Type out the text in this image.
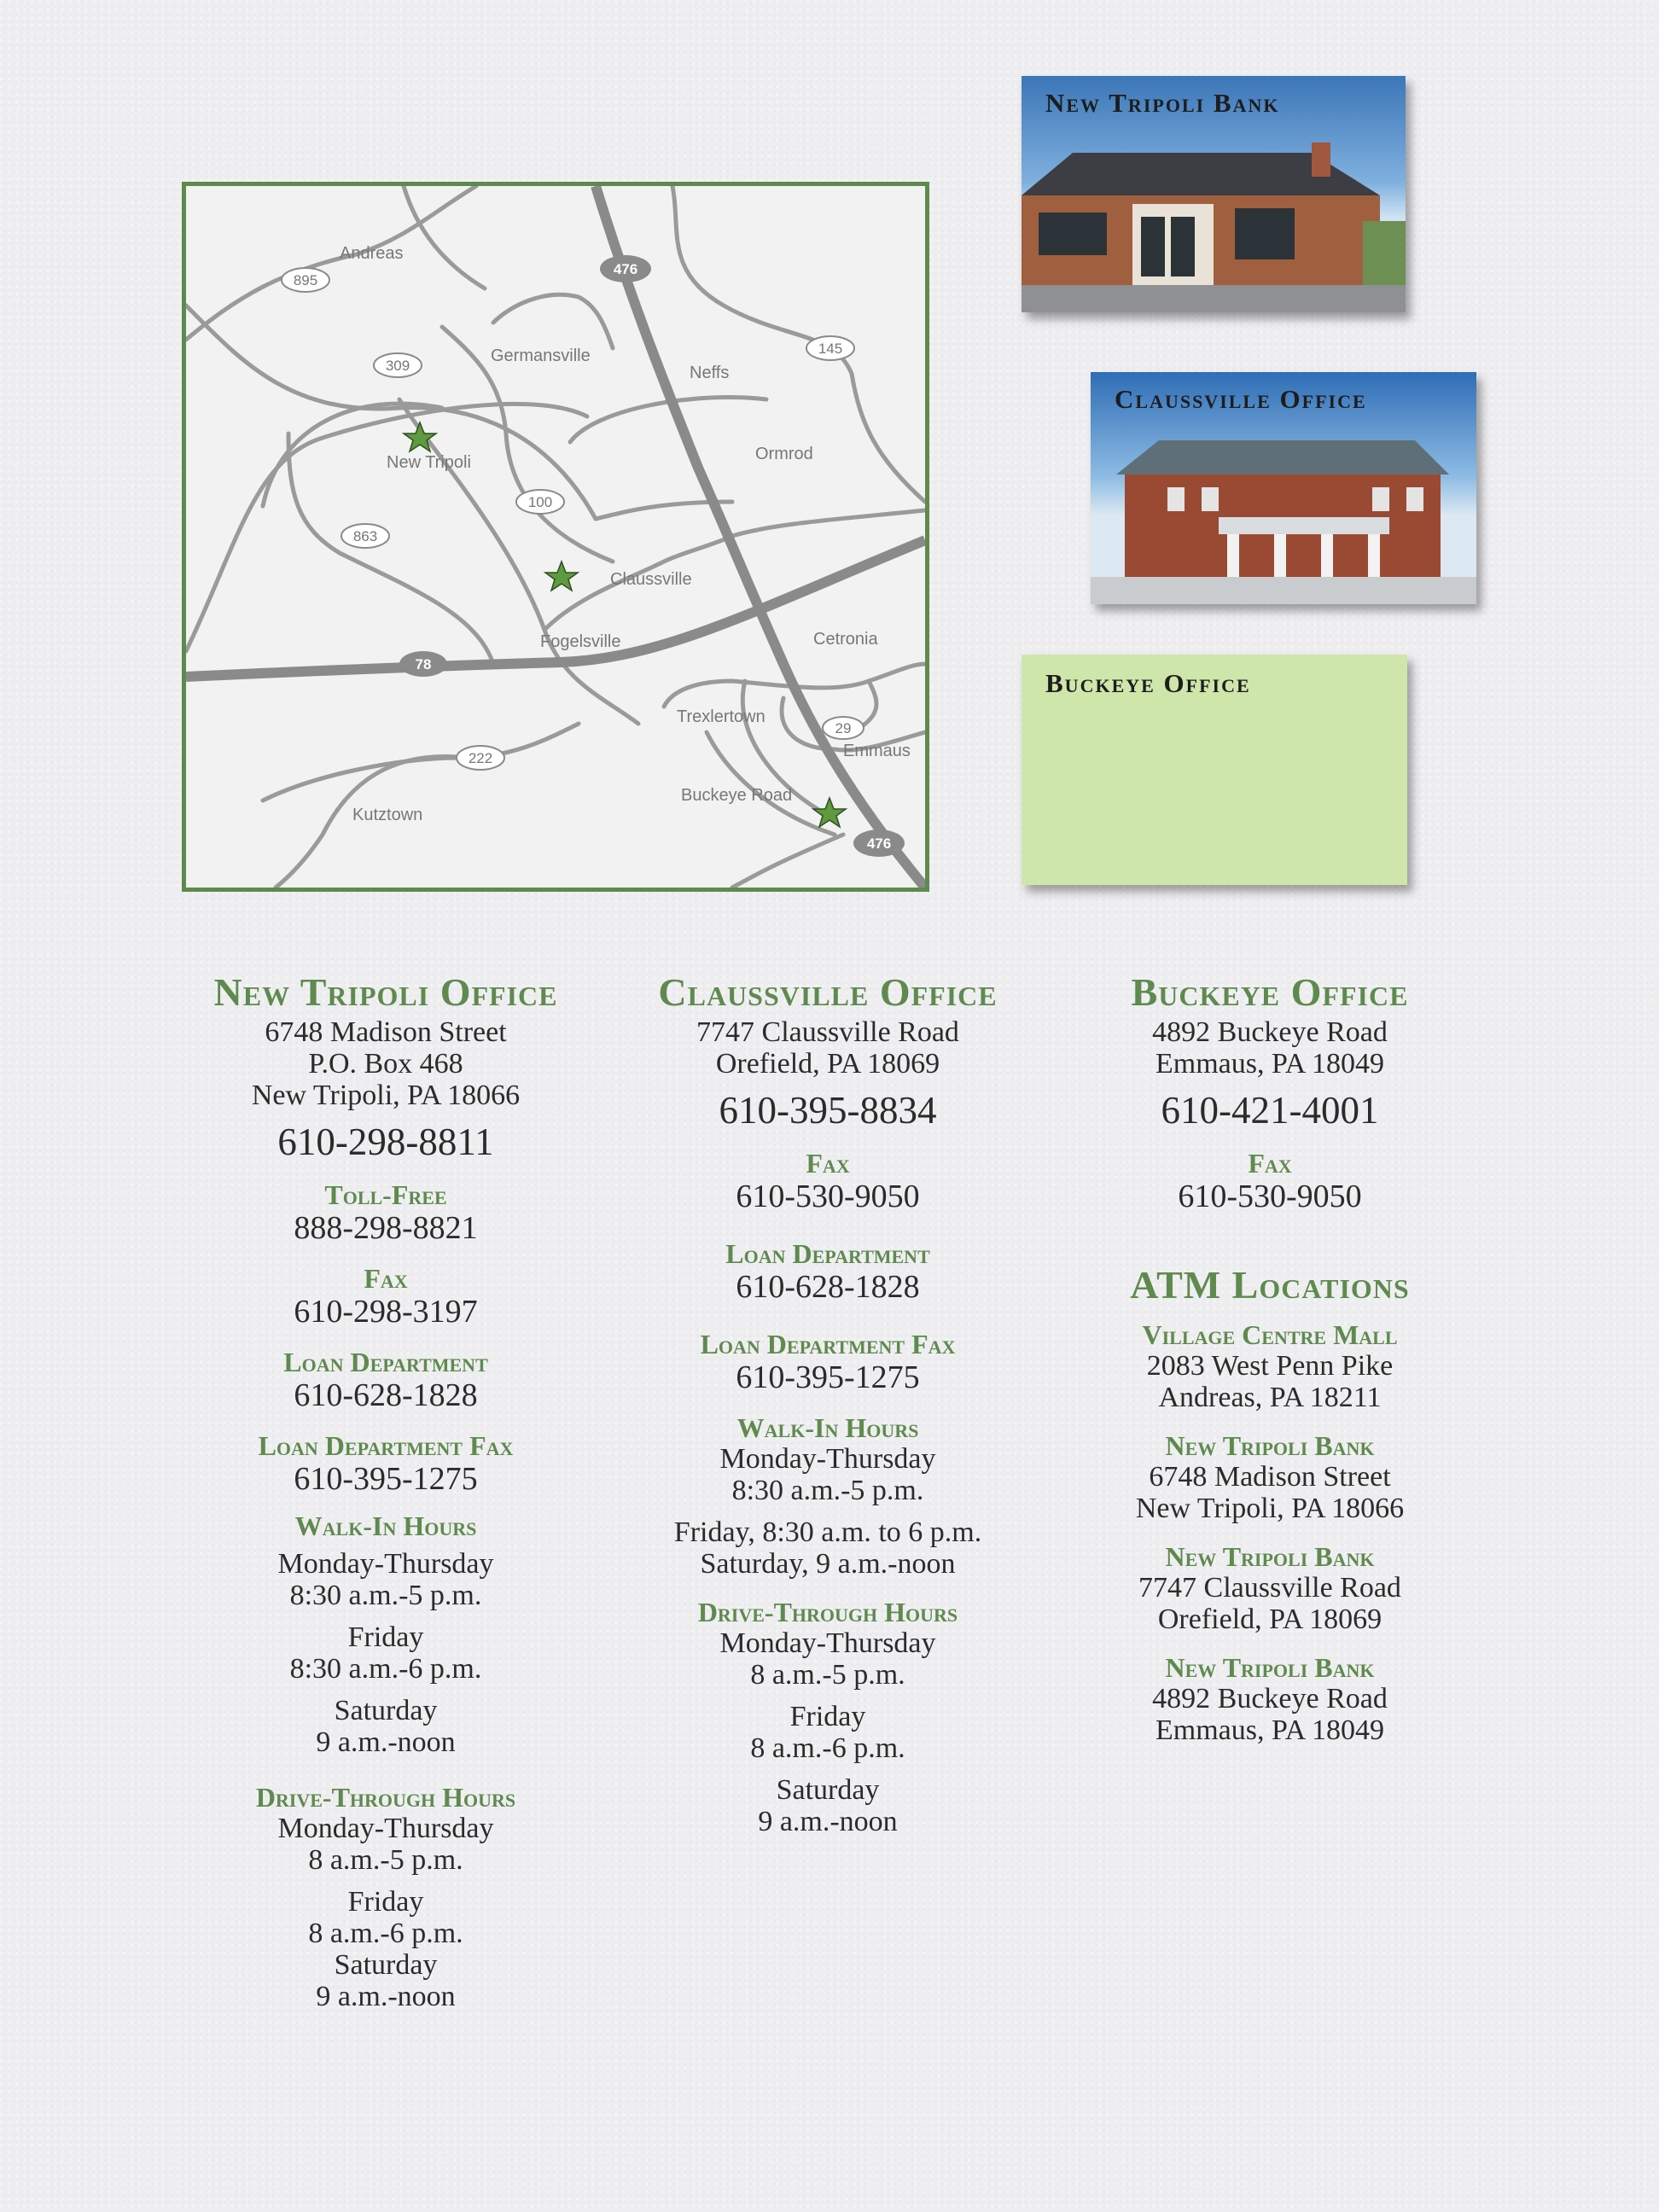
895
309
145
100
863
29
222
476
78
476
Andreas
Germansville
Neffs
New Tripoli	Ormrod
Claussville
Fogelsville	Cetronia
Trexlertown
Emmaus
Buckeye Road
Kutztown
New Tripoli Bank
Claussville Office
Buckeye Office
New Tripoli Office
6748 Madison Street
P.O. Box 468
New Tripoli, PA 18066
610-298-8811
Toll-Free
888-298-8821
Fax
610-298-3197
Loan Department
610-628-1828
Loan Department Fax
610-395-1275
Walk-In Hours
Monday-Thursday
8:30 a.m.-5 p.m.
Friday
8:30 a.m.-6 p.m.
Saturday
9 a.m.-noon
Drive-Through Hours
Monday-Thursday
8 a.m.-5 p.m.
Friday
8 a.m.-6 p.m.
Saturday
9 a.m.-noon
Claussville Office
7747 Claussville Road
Orefield, PA 18069
610-395-8834
Fax
610-530-9050
Loan Department
610-628-1828
Loan Department Fax
610-395-1275
Walk-In Hours
Monday-Thursday
8:30 a.m.-5 p.m.
Friday, 8:30 a.m. to 6 p.m.
Saturday, 9 a.m.-noon
Drive-Through Hours
Monday-Thursday
8 a.m.-5 p.m.
Friday
8 a.m.-6 p.m.
Saturday
9 a.m.-noon
Buckeye Office
4892 Buckeye Road
Emmaus, PA 18049
610-421-4001
Fax
610-530-9050
ATM Locations
Village Centre Mall
2083 West Penn Pike
Andreas, PA 18211
New Tripoli Bank
6748 Madison Street
New Tripoli, PA 18066
New Tripoli Bank
7747 Claussville Road
Orefield, PA 18069
New Tripoli Bank
4892 Buckeye Road
Emmaus, PA 18049
